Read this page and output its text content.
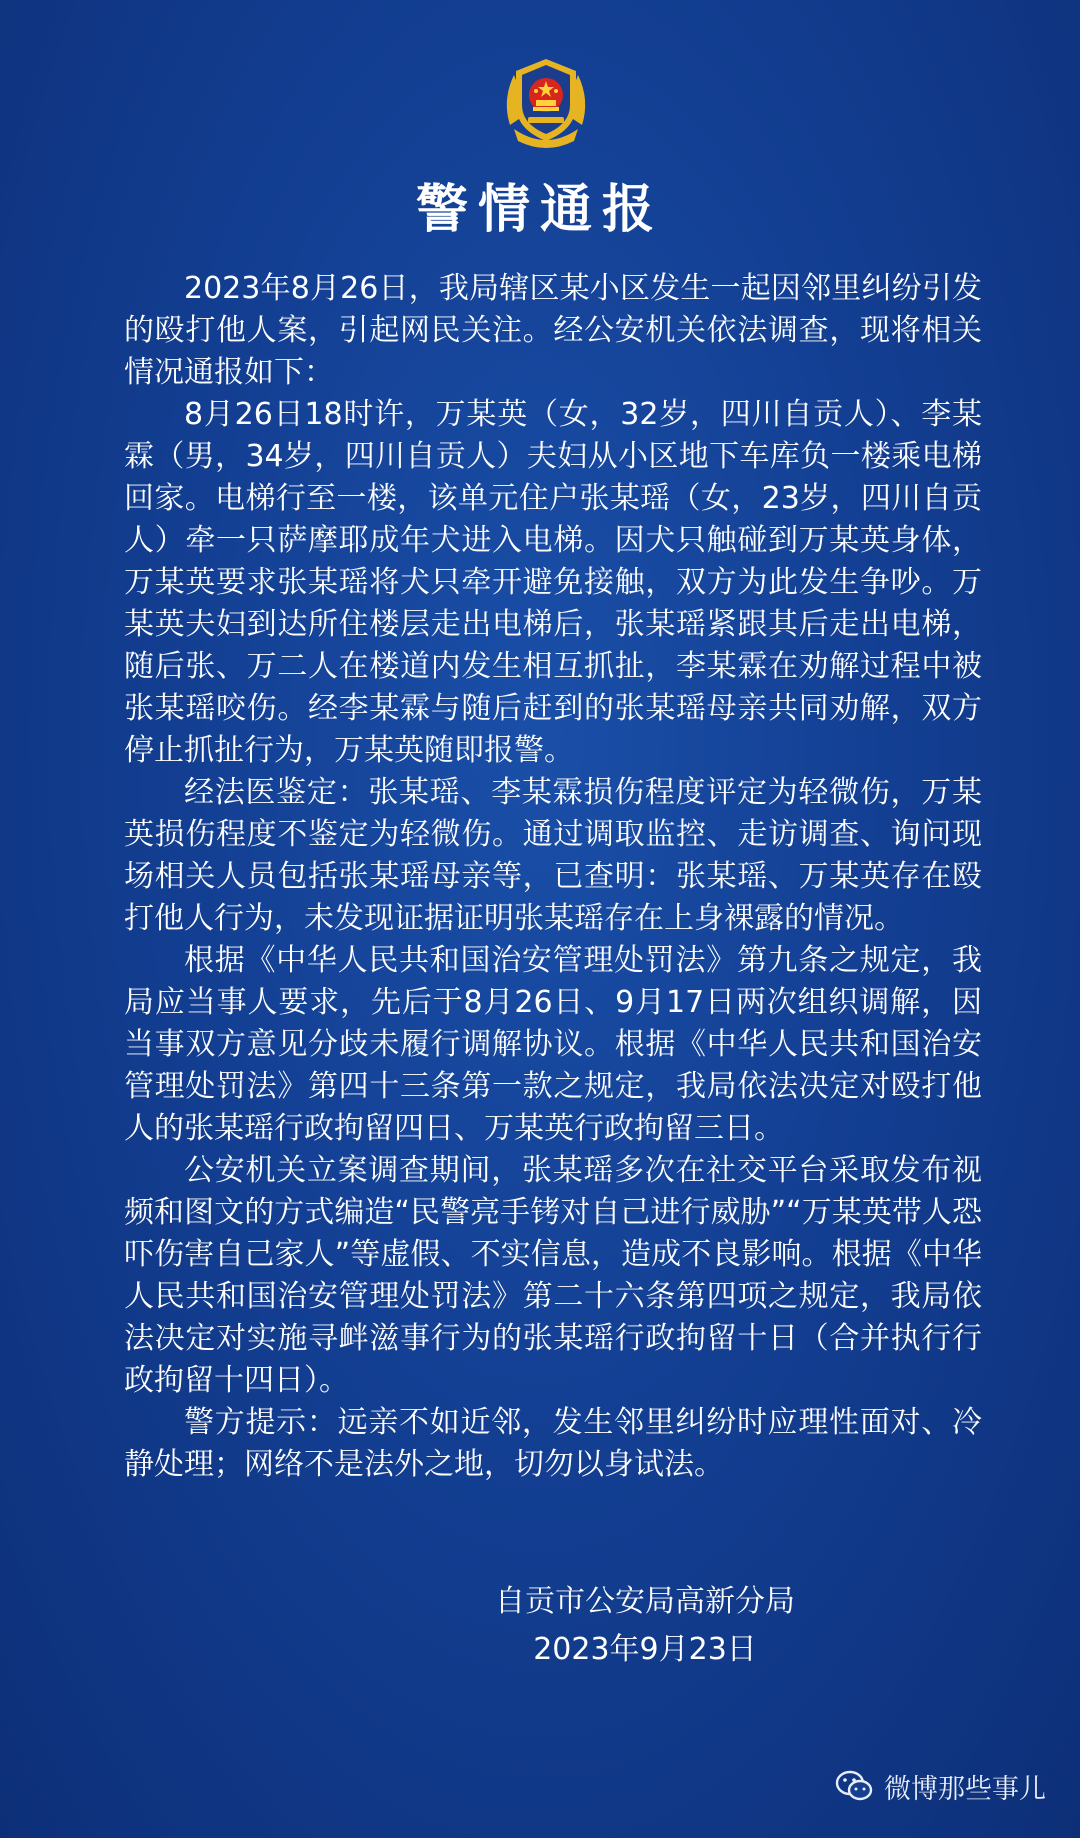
警情通报

2023年8月26日，我局辖区某小区发生一起因邻里纠纷引发的殴打他人案，引起网民关注。经公安机关依法调查，现将相关情况通报如下：

8月26日18时许，万某英（女，32岁，四川自贡人）、李某霖（男，34岁，四川自贡人）夫妇从小区地下车库负一楼乘电梯回家。电梯行至一楼，该单元住户张某瑶（女，23岁，四川自贡人）牵一只萨摩耶成年犬进入电梯。因犬只触碰到万某英身体，万某英要求张某瑶将犬只牵开避免接触，双方为此发生争吵。万某英夫妇到达所住楼层走出电梯后，张某瑶紧跟其后走出电梯，随后张、万二人在楼道内发生相互抓扯，李某霖在劝解过程中被张某瑶咬伤。经李某霖与随后赶到的张某瑶母亲共同劝解，双方停止抓扯行为，万某英随即报警。

经法医鉴定：张某瑶、李某霖损伤程度评定为轻微伤，万某英损伤程度不鉴定为轻微伤。通过调取监控、走访调查、询问现场相关人员包括张某瑶母亲等，已查明：张某瑶、万某英存在殴打他人行为，未发现证据证明张某瑶存在上身裸露的情况。

根据《中华人民共和国治安管理处罚法》第九条之规定，我局应当事人要求，先后于8月26日、9月17日两次组织调解，因当事双方意见分歧未履行调解协议。根据《中华人民共和国治安管理处罚法》第四十三条第一款之规定，我局依法决定对殴打他人的张某瑶行政拘留四日、万某英行政拘留三日。

公安机关立案调查期间，张某瑶多次在社交平台采取发布视频和图文的方式编造“民警亮手铐对自己进行威胁”“万某英带人恐吓伤害自己家人”等虚假、不实信息，造成不良影响。根据《中华人民共和国治安管理处罚法》第二十六条第四项之规定，我局依法决定对实施寻衅滋事行为的张某瑶行政拘留十日（合并执行行政拘留十四日）。

警方提示：远亲不如近邻，发生邻里纠纷时应理性面对、冷静处理；网络不是法外之地，切勿以身试法。

自贡市公安局高新分局
2023年9月23日
微博那些事儿
